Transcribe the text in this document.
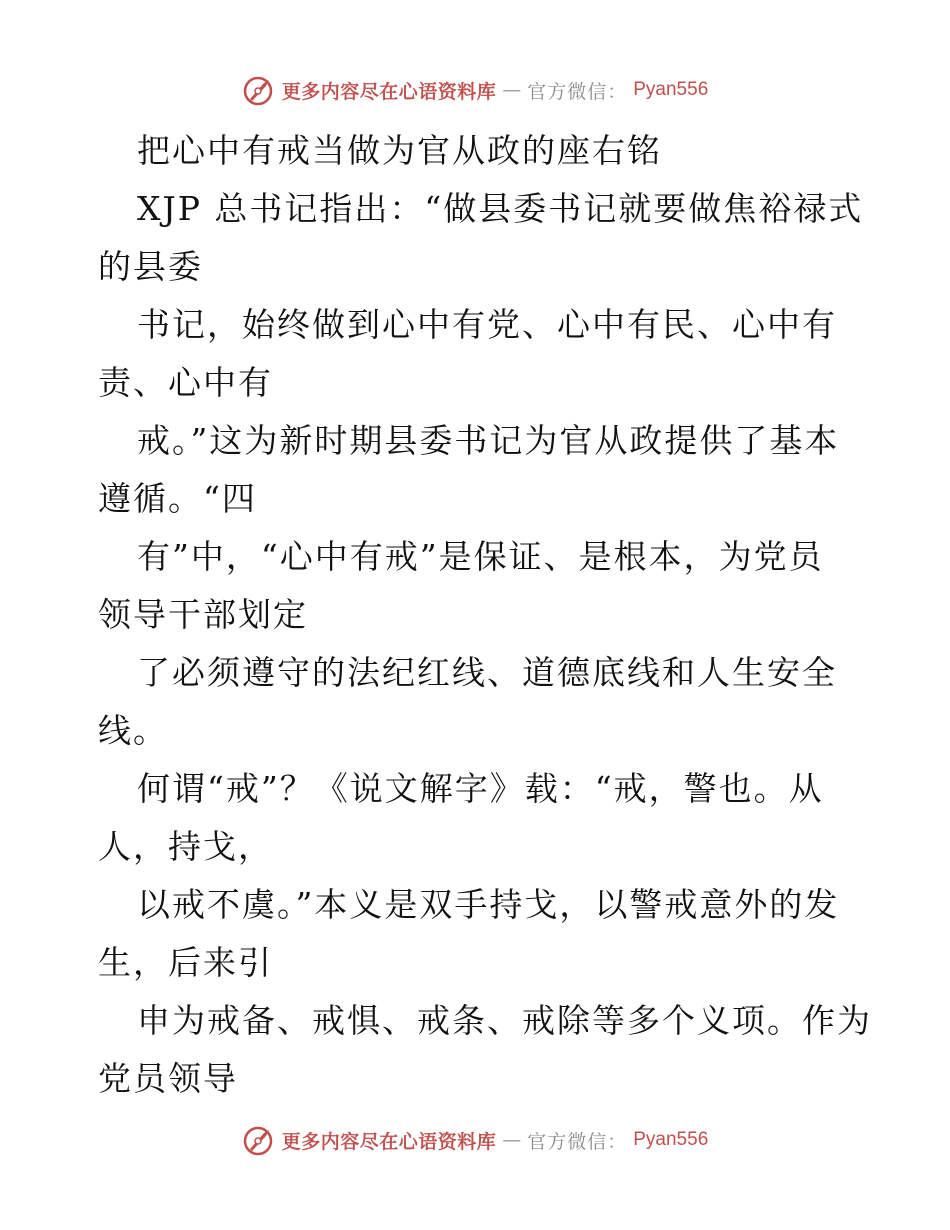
更多内容尽在心语资料库 — 官方微信： Pyan556
把心中有戒当做为官从政的座右铭
XJP 总书记指出：“做县委书记就要做焦裕禄式
的县委
书记，始终做到心中有党、心中有民、心中有
责、心中有
戒。”这为新时期县委书记为官从政提供了基本
遵循。“四
有”中，“心中有戒”是保证、是根本，为党员
领导干部划定
了必须遵守的法纪红线、道德底线和人生安全
线。
何谓“戒”？《说文解字》载：“戒，警也。从
人，持戈，
以戒不虞。”本义是双手持戈，以警戒意外的发
生，后来引
申为戒备、戒惧、戒条、戒除等多个义项。作为
党员领导
更多内容尽在心语资料库 — 官方微信： Pyan556
